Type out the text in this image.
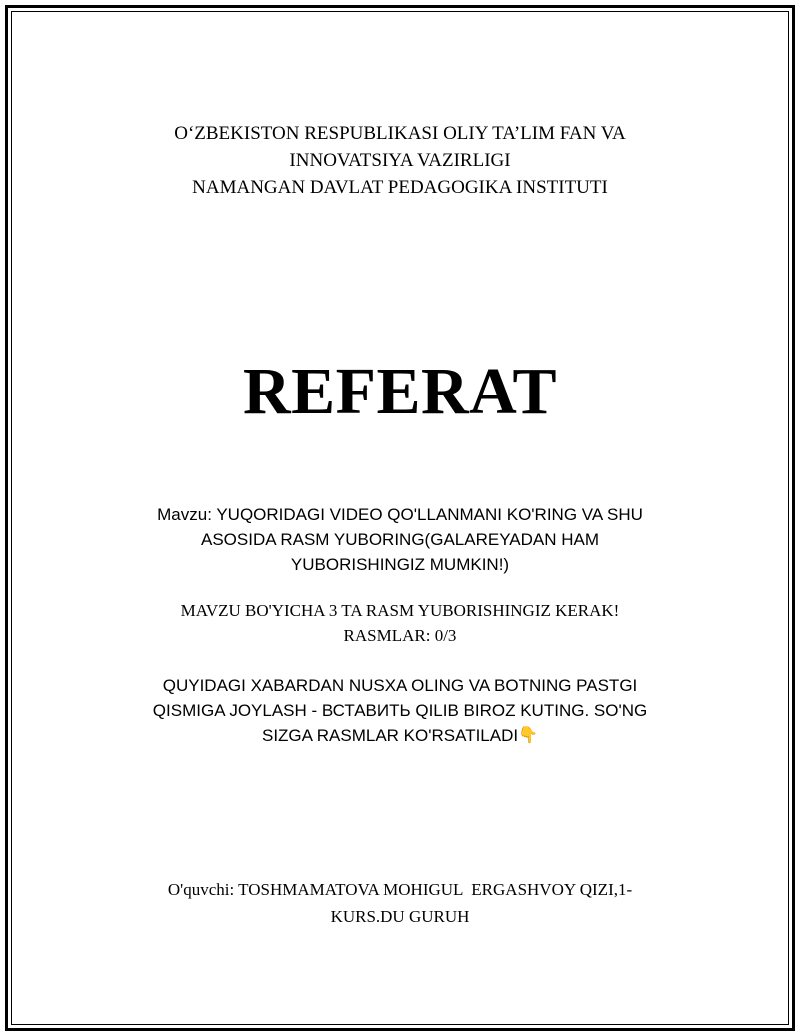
O‘ZBEKISTON RESPUBLIKASI OLIY TA’LIM FAN VA
INNOVATSIYA VAZIRLIGI
NAMANGAN DAVLAT PEDAGOGIKA INSTITUTI
REFERAT
Mavzu: YUQORIDAGI VIDEO QO'LLANMANI KO'RING VA SHU
ASOSIDA RASM YUBORING(GALAREYADAN HAM
YUBORISHINGIZ MUMKIN!)
MAVZU BO'YICHA 3 TA RASM YUBORISHINGIZ KERAK!
RASMLAR: 0/3
QUYIDAGI XABARDAN NUSXA OLING VA BOTNING PASTGI
QISMIGA JOYLASH - ВСТАВИТЬ QILIB BIROZ KUTING. SO'NG
SIZGA RASMLAR KO'RSATILADI👇
O'quvchi: TOSHMAMATOVA MOHIGUL  ERGASHVOY QIZI,1-
KURS.DU GURUH
